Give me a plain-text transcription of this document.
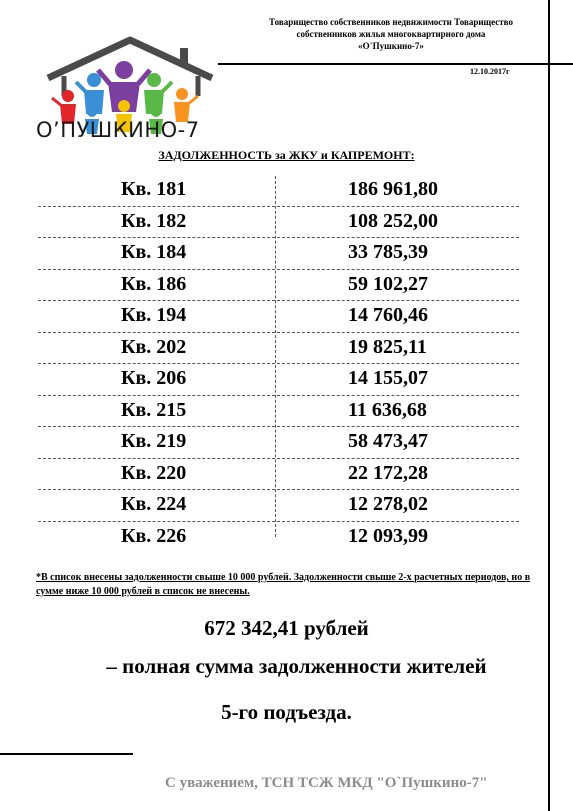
Товарищество собственников недвижимости Товарищество
собственников жилья многоквартирного дома
«О`Пушкино-7»
12.10.2017г
О’ПУШКИНО-7
ЗАДОЛЖЕННОСТЬ за ЖКУ и КАПРЕМОНТ:
Кв. 181	186 961,80
Кв. 182	108 252,00
Кв. 184	33 785,39
Кв. 186	59 102,27
Кв. 194	14 760,46
Кв. 202	19 825,11
Кв. 206	14 155,07
Кв. 215	11 636,68
Кв. 219	58 473,47
Кв. 220	22 172,28
Кв. 224	12 278,02
Кв. 226	12 093,99
*В список внесены задолженности свыше 10 000 рублей. Задолженности свыше 2-х расчетных периодов, но в сумме ниже 10 000 рублей в список не внесены.
672 342,41 рублей
– полная сумма задолженности жителей
5-го подъезда.
С уважением, ТСН ТСЖ МКД "О`Пушкино-7"
